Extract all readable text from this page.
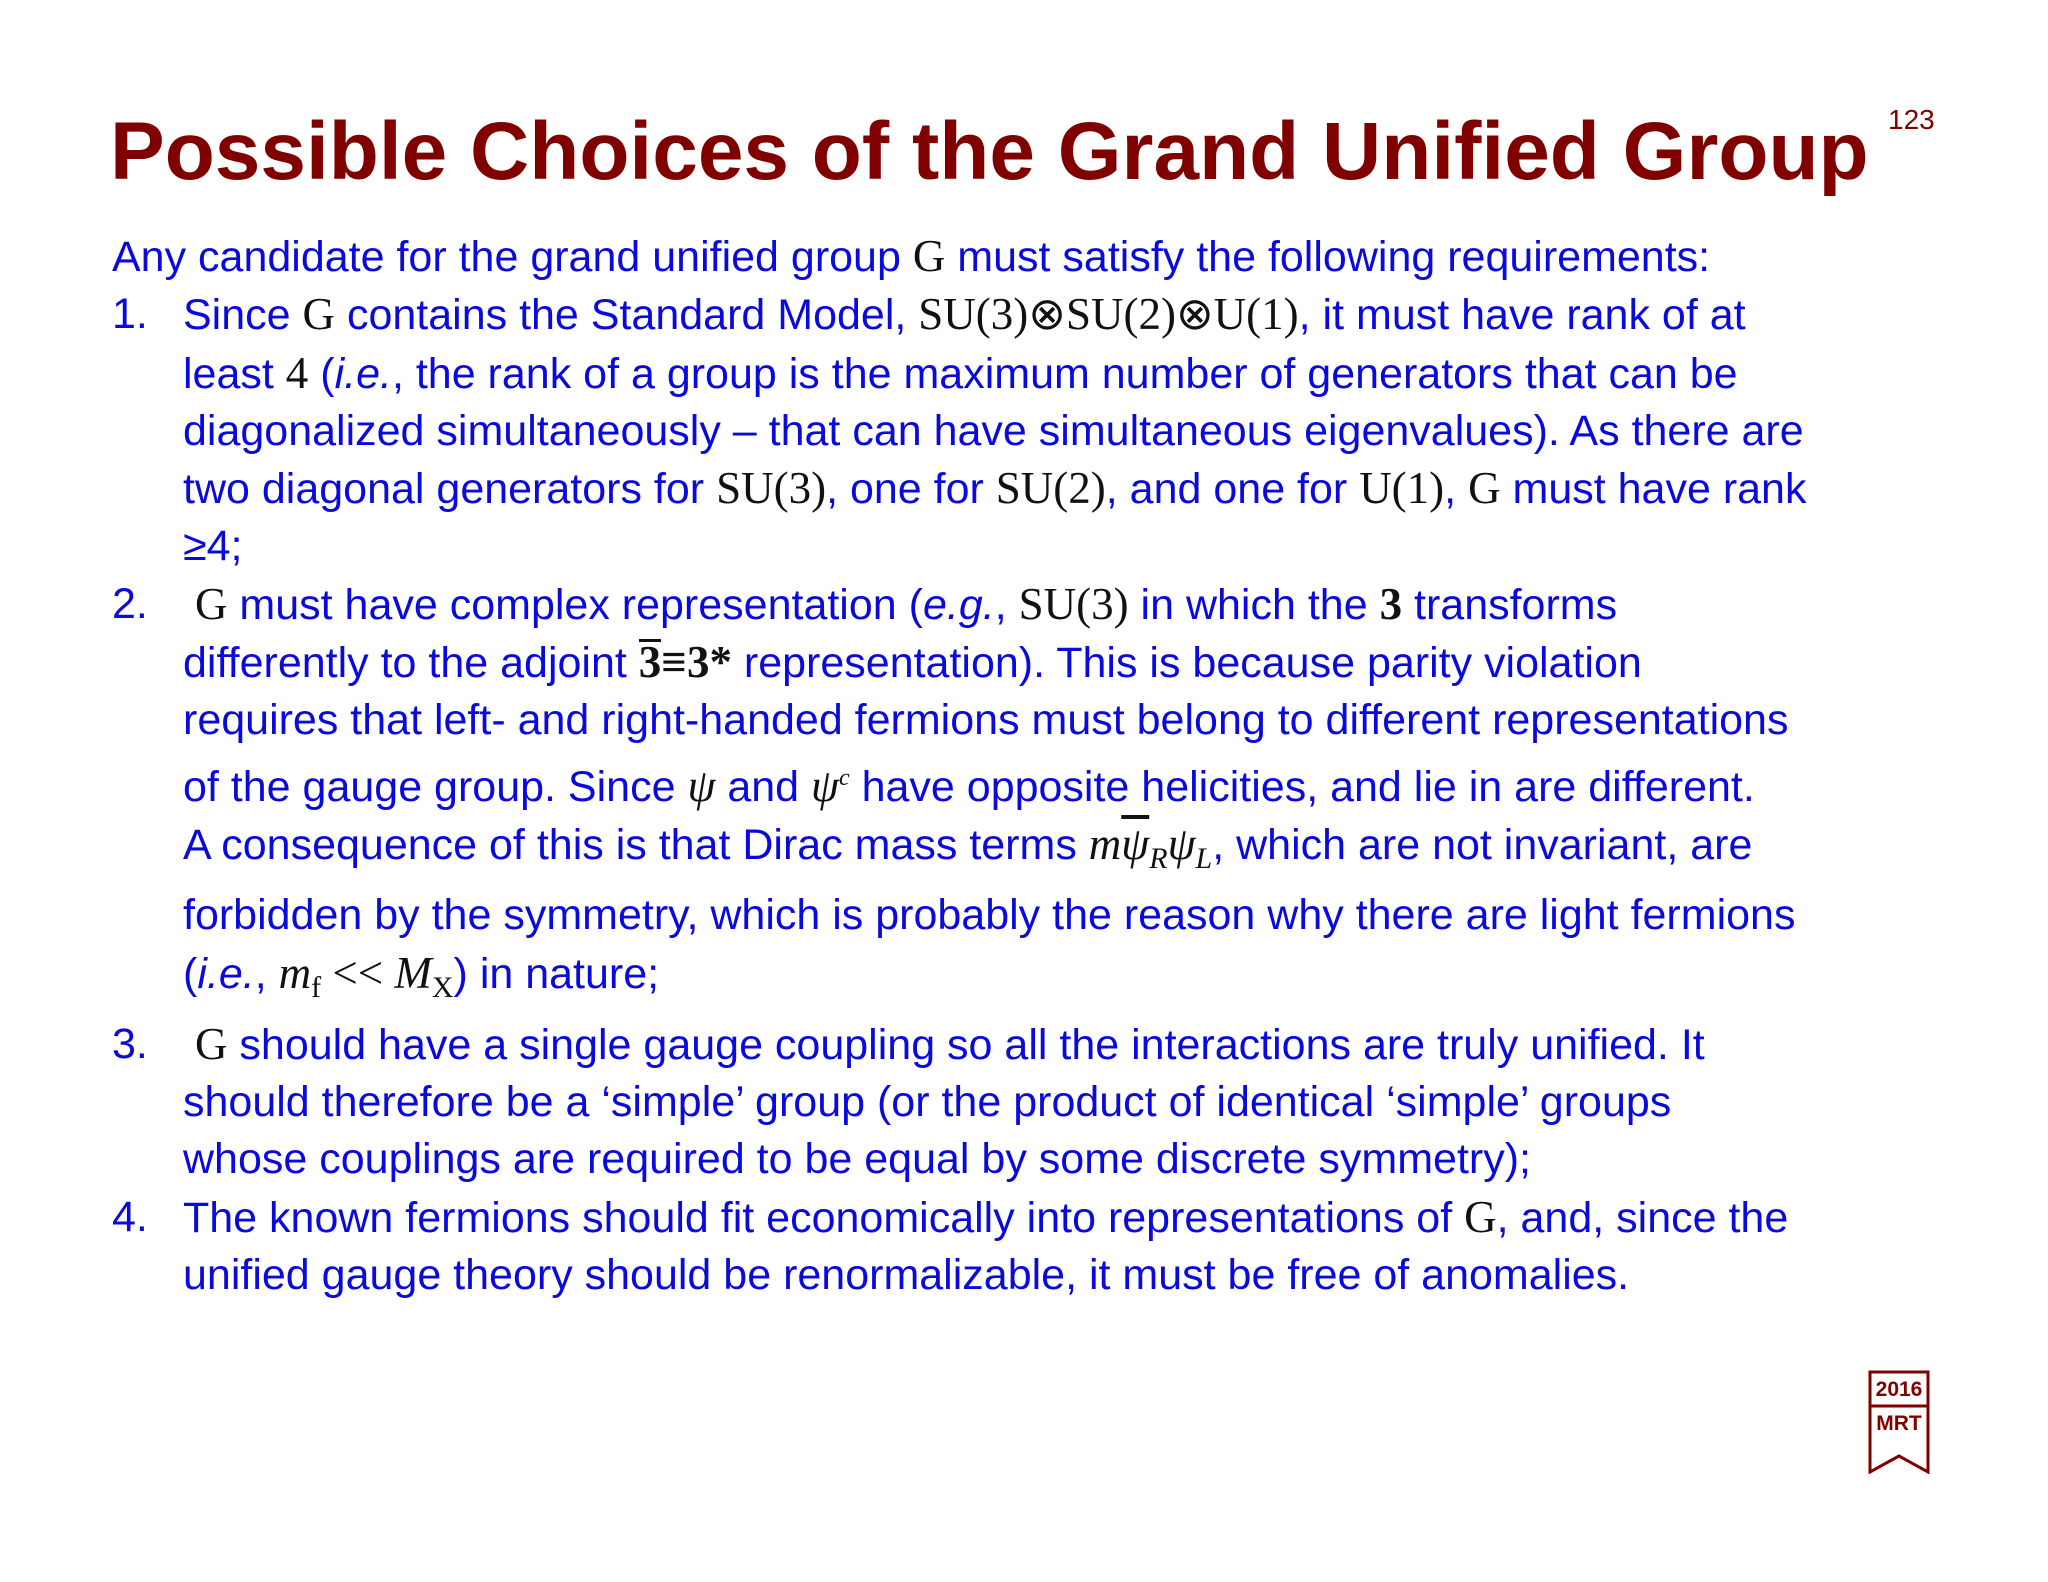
Possible Choices of the Grand Unified Group 123

Any candidate for the grand unified group G must satisfy the following requirements:

1. Since G contains the Standard Model, SU(3)⊗SU(2)⊗U(1), it must have rank of at
least 4 (i.e., the rank of a group is the maximum number of generators that can be
diagonalized simultaneously – that can have simultaneous eigenvalues). As there are
two diagonal generators for SU(3), one for SU(2), and one for U(1), G must have rank
≥4;
2. G must have complex representation (e.g., SU(3) in which the 3 transforms
differently to the adjoint 3≡3* representation). This is because parity violation
requires that left- and right-handed fermions must belong to different representations
of the gauge group. Since ψ and $\psi^c$ have opposite helicities, and lie in are different.
A consequence of this is that Dirac mass terms $m\overline{\psi}_R\psi_L$, which are not invariant, are
forbidden by the symmetry, which is probably the reason why there are light fermions
(i.e., $m_f << M_X$) in nature;
3. G should have a single gauge coupling so all the interactions are truly unified. It
should therefore be a ‘simple’ group (or the product of identical ‘simple’ groups
whose couplings are required to be equal by some discrete symmetry);
4. The known fermions should fit economically into representations of G, and, since the
unified gauge theory should be renormalizable, it must be free of anomalies.
2016
MRT
